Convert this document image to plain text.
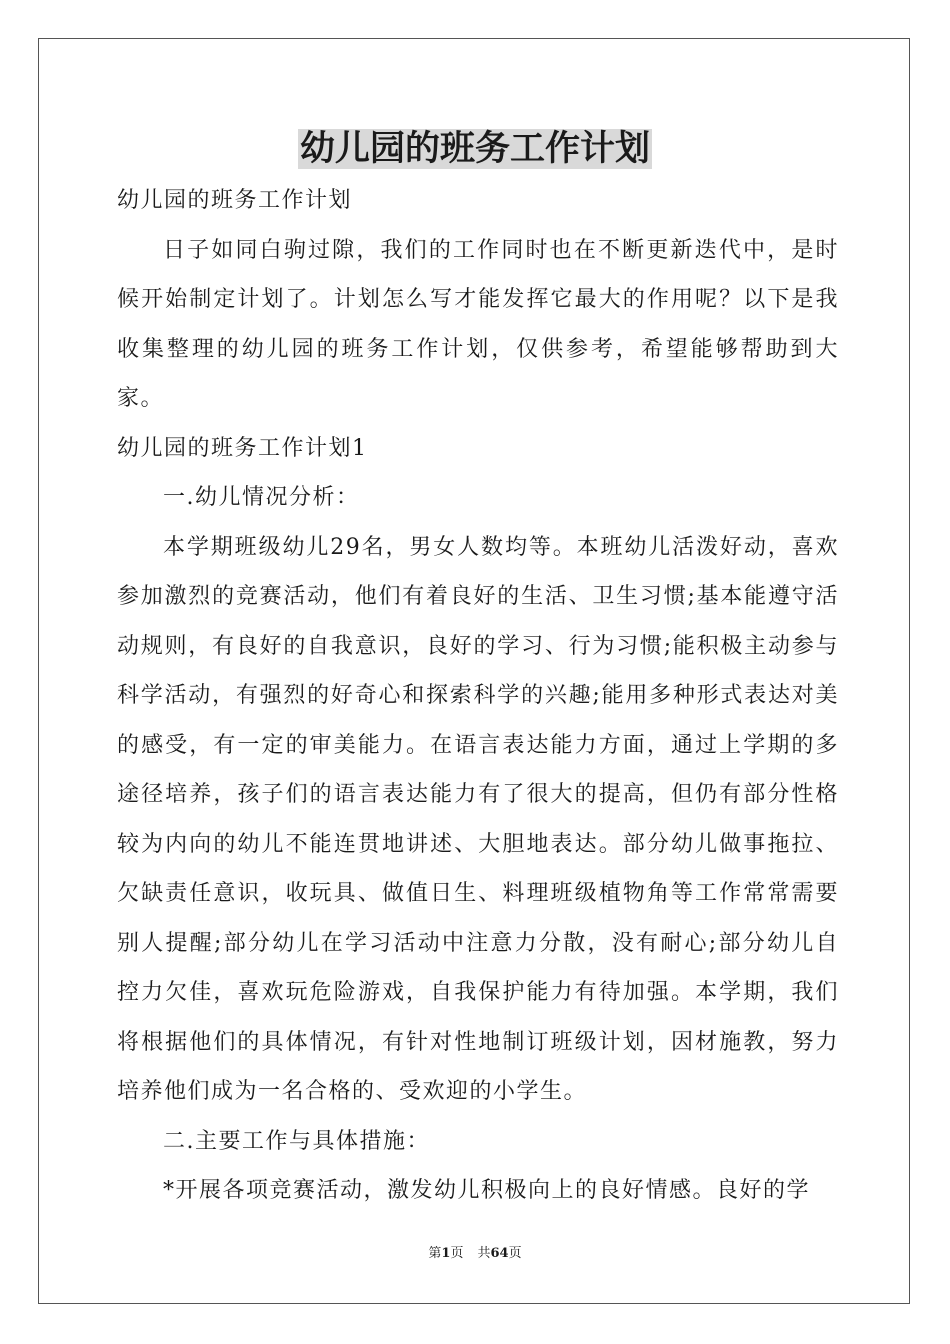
幼儿园的班务工作计划

幼儿园的班务工作计划

日子如同白驹过隙，我们的工作同时也在不断更新迭代中，是时候开始制定计划了。计划怎么写才能发挥它最大的作用呢？以下是我收集整理的幼儿园的班务工作计划，仅供参考，希望能够帮助到大家。

幼儿园的班务工作计划1

一.幼儿情况分析：

本学期班级幼儿29名，男女人数均等。本班幼儿活泼好动，喜欢参加激烈的竞赛活动，他们有着良好的生活、卫生习惯;基本能遵守活动规则，有良好的自我意识，良好的学习、行为习惯;能积极主动参与科学活动，有强烈的好奇心和探索科学的兴趣;能用多种形式表达对美的感受，有一定的审美能力。在语言表达能力方面，通过上学期的多途径培养，孩子们的语言表达能力有了很大的提高，但仍有部分性格较为内向的幼儿不能连贯地讲述、大胆地表达。部分幼儿做事拖拉、欠缺责任意识，收玩具、做值日生、料理班级植物角等工作常常需要别人提醒;部分幼儿在学习活动中注意力分散，没有耐心;部分幼儿自控力欠佳，喜欢玩危险游戏，自我保护能力有待加强。本学期，我们将根据他们的具体情况，有针对性地制订班级计划，因材施教，努力培养他们成为一名合格的、受欢迎的小学生。

二.主要工作与具体措施：

*开展各项竞赛活动，激发幼儿积极向上的良好情感。良好的学

第1页 共64页
